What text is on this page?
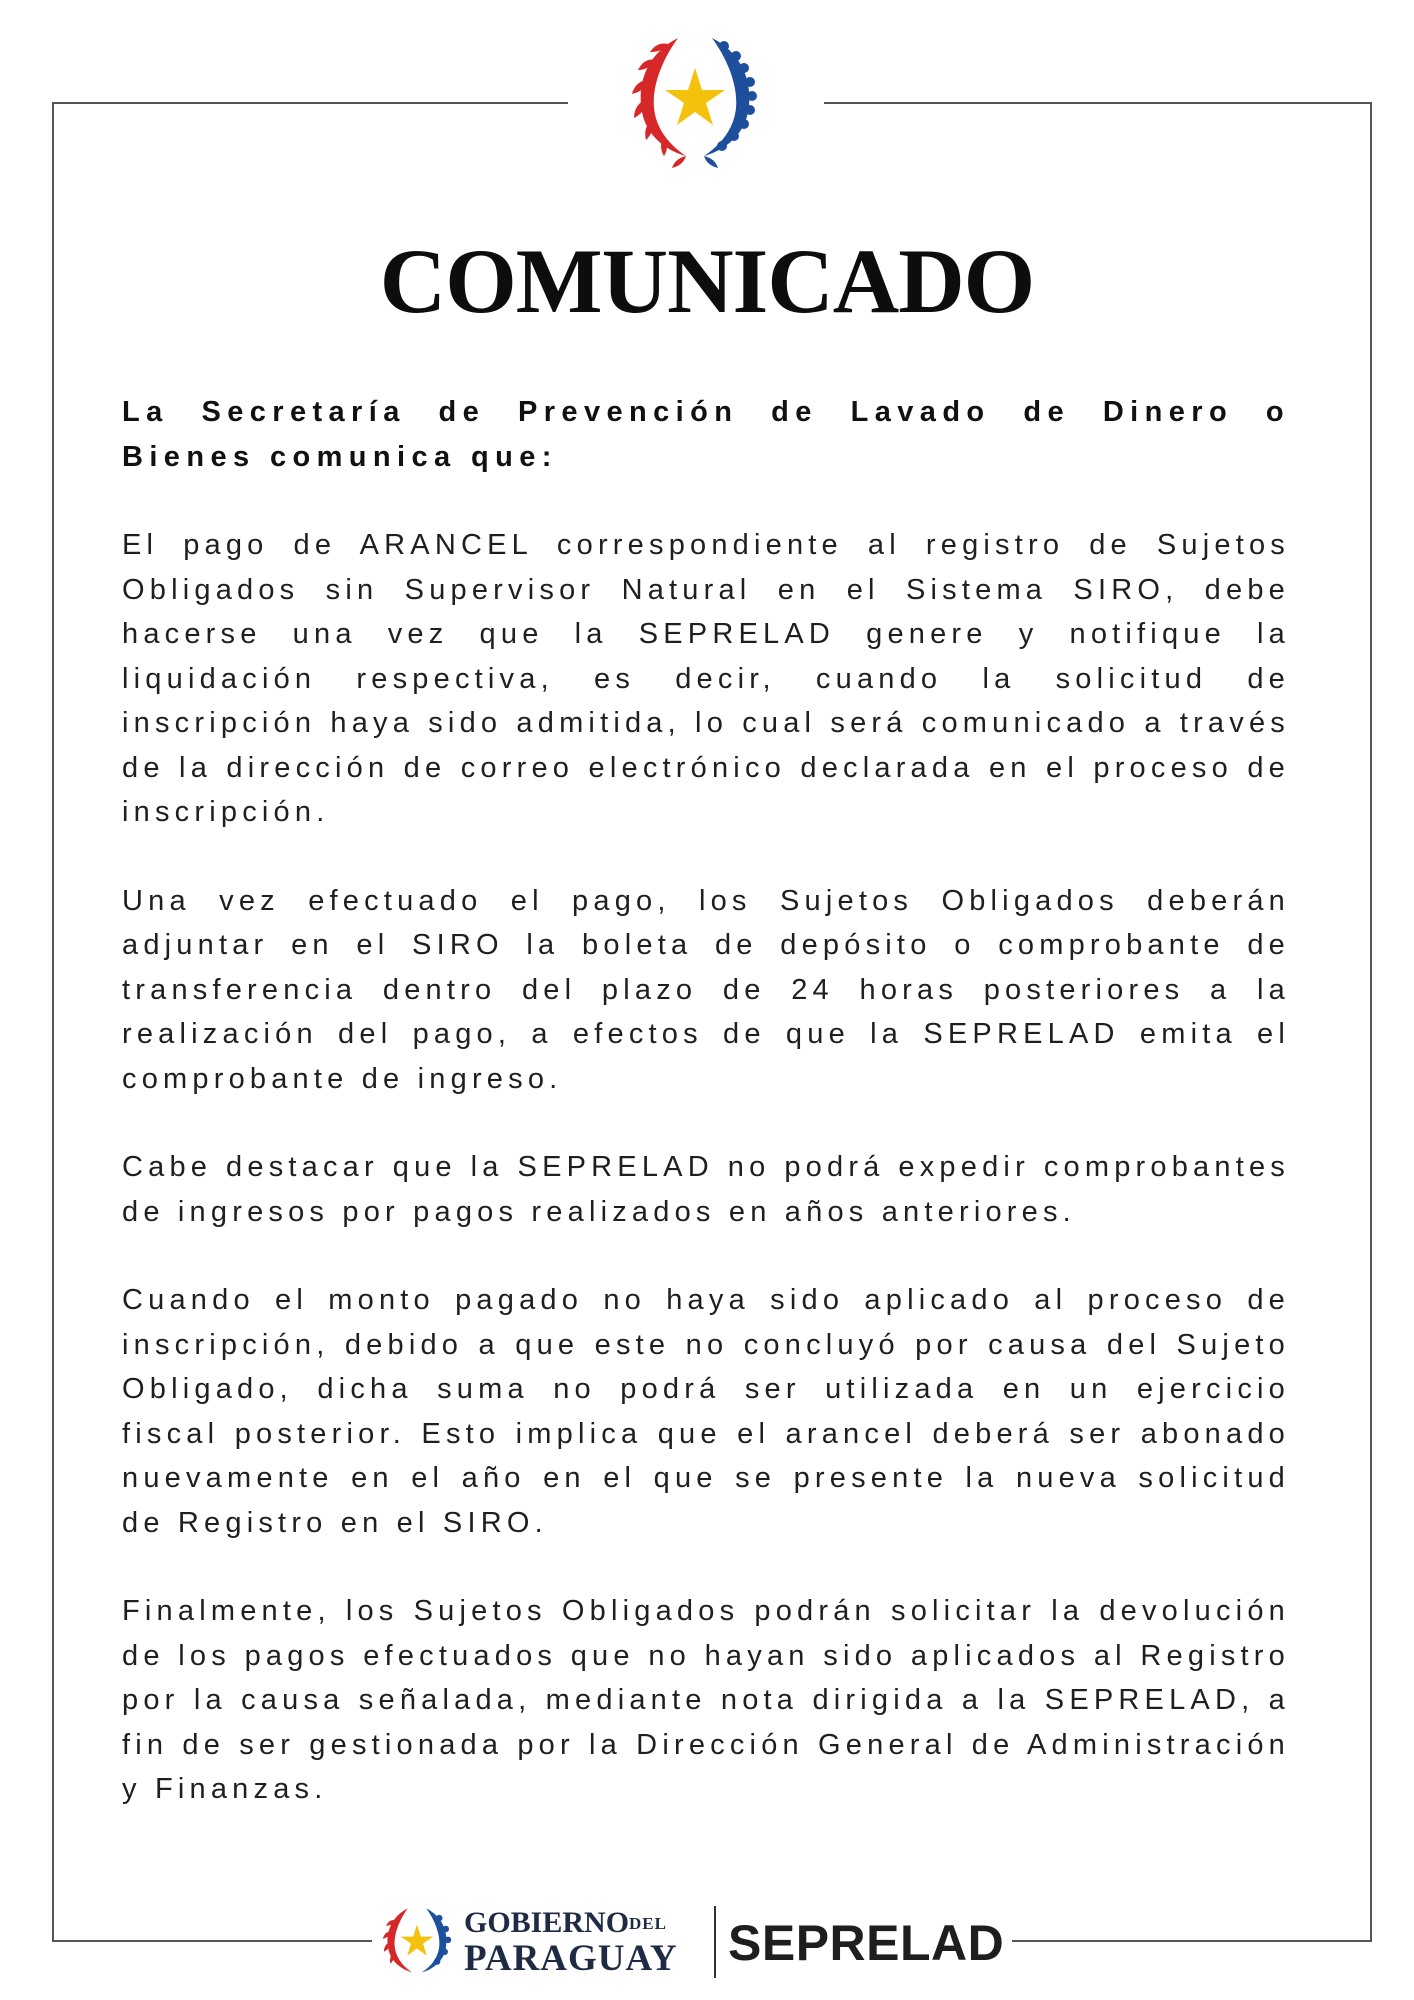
COMUNICADO

La Secretaría de Prevención de Lavado de Dinero o Bienes comunica que:

El pago de ARANCEL correspondiente al registro de Sujetos Obligados sin Supervisor Natural en el Sistema SIRO, debe hacerse una vez que la SEPRELAD genere y notifique la liquidación respectiva, es decir, cuando la solicitud de inscripción haya sido admitida, lo cual será comunicado a través de la dirección de correo electrónico declarada en el proceso de inscripción.

Una vez efectuado el pago, los Sujetos Obligados deberán adjuntar en el SIRO la boleta de depósito o comprobante de transferencia dentro del plazo de 24 horas posteriores a la realización del pago, a efectos de que la SEPRELAD emita el comprobante de ingreso.

Cabe destacar que la SEPRELAD no podrá expedir comprobantes de ingresos por pagos realizados en años anteriores.

Cuando el monto pagado no haya sido aplicado al proceso de inscripción, debido a que este no concluyó por causa del Sujeto Obligado, dicha suma no podrá ser utilizada en un ejercicio fiscal posterior. Esto implica que el arancel deberá ser abonado nuevamente en el año en el que se presente la nueva solicitud de Registro en el SIRO.

Finalmente, los Sujetos Obligados podrán solicitar la devolución de los pagos efectuados que no hayan sido aplicados al Registro por la causa señalada, mediante nota dirigida a la SEPRELAD, a fin de ser gestionada por la Dirección General de Administración y Finanzas.

GOBIERNODEL
PARAGUAY SEPRELAD
